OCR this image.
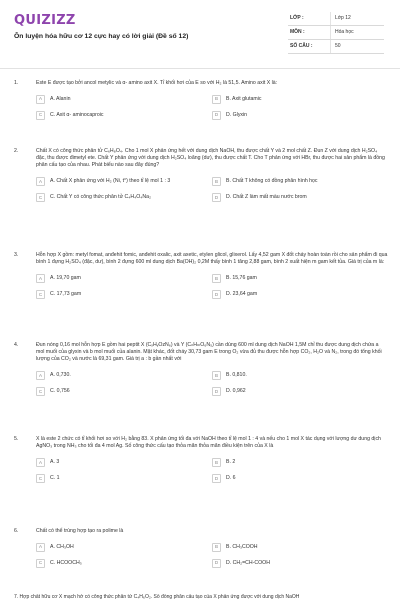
QUIZIZZ
Ôn luyện hóa hữu cơ 12 cực hay có lời giải (Đề số 12)
LỚP :	Lớp 12
MÔN :	Hóa học
SỐ CÂU :	50
1.	Este E được tạo bởi ancol metylic và α- amino axit X. Tỉ khối hơi của E so với H₂ là 51,5. Amino axit X là:
A	A. Alanin	B	B. Axit glutamic
C	C. Axit α- aminocaproic	D	D. Glyxin
2.	Chất X có công thức phân tử C₆H₈O₄. Cho 1 mol X phản ứng hết với dung dịch NaOH, thu được chất Y và 2 mol chất Z. Đun Z với dung dịch H₂SO₄ đặc, thu được đimetyl ete. Chất Y phản ứng với dung dịch H₂SO₄ loãng (dư), thu được chất T. Cho T phản ứng với HBr, thu được hai sản phẩm là đồng phân cấu tạo của nhau. Phát biểu nào sau đây đúng?
A	A. Chất X phản ứng với H₂ (Ni, t°) theo tỉ lệ mol 1 : 3	B	B. Chất T không có đồng phân hình học
C	C. Chất Y có công thức phân tử C₄H₄O₄Na₂	D	D. Chất Z làm mất màu nước brom
3.	Hỗn hợp X gồm: metyl fomat, anđehit fomic, anđehit oxalic, axit axetic, etylen glicol, glixerol. Lấy 4,52 gam X đốt cháy hoàn toàn rồi cho sản phẩm đi qua bình 1 đựng H₂SO₄ (đặc, dư), bình 2 đựng 600 ml dung dịch Ba(OH)₂ 0,2M thấy bình 1 tăng 2,88 gam, bình 2 xuất hiện m gam kết tủa. Giá trị của m là:
A	A. 19,70 gam	B	B. 15,76 gam
C	C. 17,73 gam	D	D. 23,64 gam
4.	Đun nóng 0,16 mol hỗn hợp E gồm hai peptit X (CₓHᵧOzN₆) và Y (CₙHₘO₆N₅) cần dùng 600 ml dung dịch NaOH 1,5M chỉ thu được dung dịch chứa a mol muối của glyxin và b mol muối của alanin. Mặt khác, đốt cháy 30,73 gam E trong O₂ vừa đủ thu được hỗn hợp CO₂, H₂O và N₂, trong đó tổng khối lượng của CO₂ và nước là 69,31 gam. Giá trị a : b gần nhất với
A	A. 0,730.	B	B. 0,810.
C	C. 0,756	D	D. 0,962
5.	X là este 2 chức có tỉ khối hơi so với H₂ bằng 83. X phản ứng tối đa với NaOH theo tỉ lệ mol 1 : 4 và nếu cho 1 mol X tác dụng với lượng dư dung dịch AgNO₃ trong NH₃ cho tối đa 4 mol Ag. Số công thức cấu tạo thỏa mãn thỏa mãn điều kiện trên của X là
A	A. 3	B	B. 2
C	C. 1	D	D. 6
6.	Chất có thể trùng hợp tạo ra polime là
A	A. CH₃OH	B	B. CH₃COOH
C	C. HCOOCH₃	D	D. CH₂=CH-COOH
7. Hợp chất hữu cơ X mạch hở có công thức phân tử C₄H₆O₂. Số đồng phân cấu tạo của X phản ứng được với dung dịch NaOH
